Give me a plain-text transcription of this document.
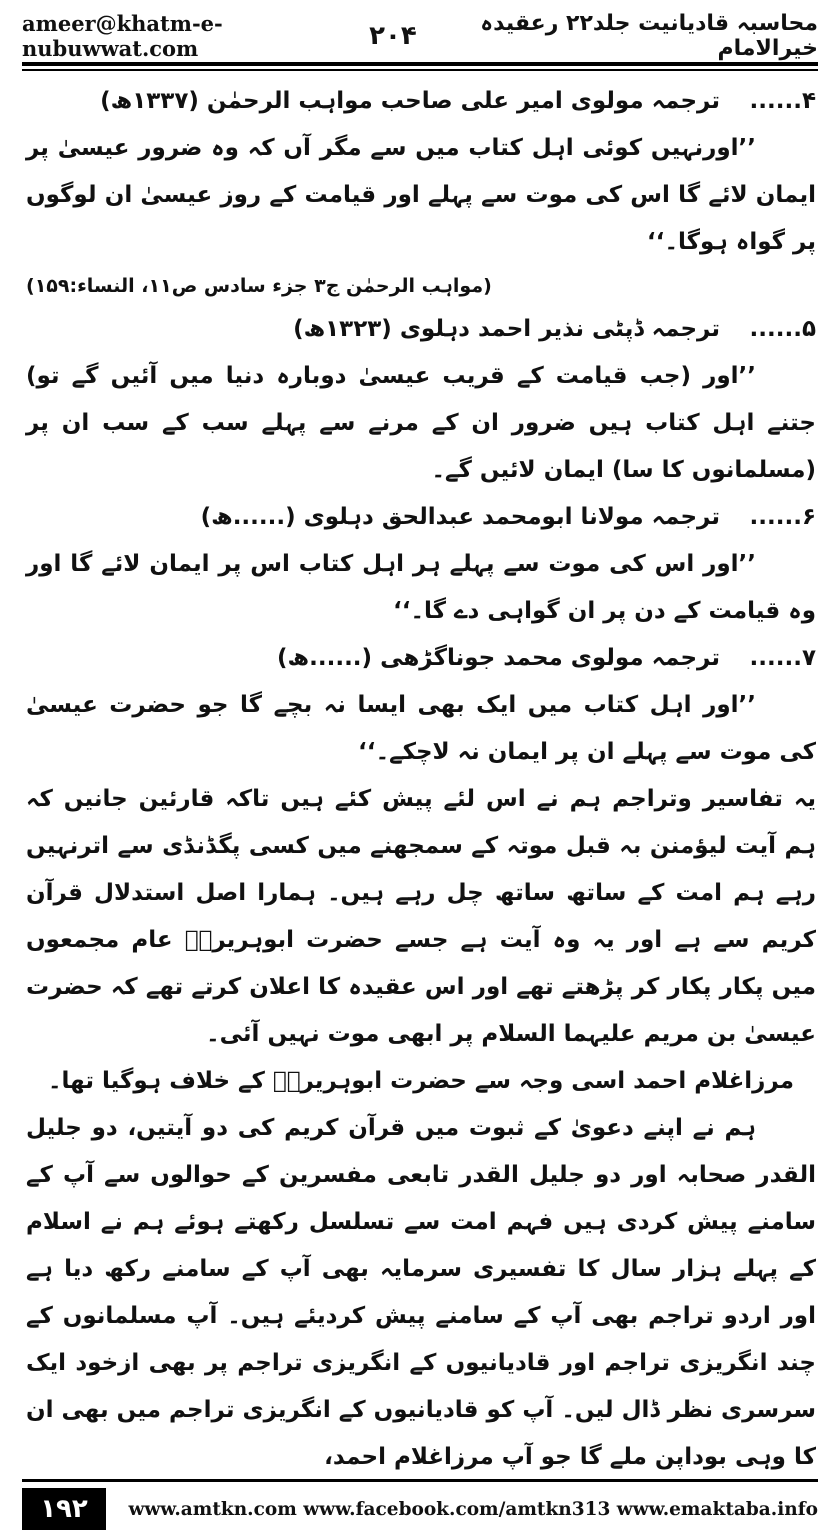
ameer@khatm-e-nubuwwat.com	۲۰۴	محاسبہ قادیانیت جلد۲۲ رعقیدہ خیرالامام

۴......ترجمہ مولوی امیر علی صاحب مواہب الرحمٰن (۱۳۳۷ھ)

’’اورنہیں کوئی اہل کتاب میں سے مگر آں کہ وہ ضرور عیسیٰ پر ایمان لائے گا اس کی موت سے پہلے اور قیامت کے روز عیسیٰ ان لوگوں پر گواہ ہوگا۔‘‘

(مواہب الرحمٰن ج۳ جزء سادس ص۱۱، النساء:۱۵۹)

۵......ترجمہ ڈپٹی نذیر احمد دہلوی (۱۳۲۳ھ)

’’اور (جب قیامت کے قریب عیسیٰ دوبارہ دنیا میں آئیں گے تو) جتنے اہل کتاب ہیں ضرور ان کے مرنے سے پہلے سب کے سب ان پر (مسلمانوں کا سا) ایمان لائیں گے۔

۶......ترجمہ مولانا ابومحمد عبدالحق دہلوی (......ھ)

’’اور اس کی موت سے پہلے ہر اہل کتاب اس پر ایمان لائے گا اور وہ قیامت کے دن پر ان گواہی دے گا۔‘‘

۷......ترجمہ مولوی محمد جوناگڑھی (......ھ)

’’اور اہل کتاب میں ایک بھی ایسا نہ بچے گا جو حضرت عیسیٰ کی موت سے پہلے ان پر ایمان نہ لاچکے۔‘‘

یہ تفاسیر وتراجم ہم نے اس لئے پیش کئے ہیں تاکہ قارئین جانیں کہ ہم آیت لیؤمنن بہ قبل موتہ کے سمجھنے میں کسی پگڈنڈی سے اترنہیں رہے ہم امت کے ساتھ ساتھ چل رہے ہیں۔ ہمارا اصل استدلال قرآن کریم سے ہے اور یہ وہ آیت ہے جسے حضرت ابوہریرہؓ عام مجمعوں میں پکار پکار کر پڑھتے تھے اور اس عقیدہ کا اعلان کرتے تھے کہ حضرت عیسیٰ بن مریم علیہما السلام پر ابھی موت نہیں آئی۔

مرزاغلام احمد اسی وجہ سے حضرت ابوہریرہؓ کے خلاف ہوگیا تھا۔

ہم نے اپنے دعویٰ کے ثبوت میں قرآن کریم کی دو آیتیں، دو جلیل القدر صحابہ اور دو جلیل القدر تابعی مفسرین کے حوالوں سے آپ کے سامنے پیش کردی ہیں فہم امت سے تسلسل رکھتے ہوئے ہم نے اسلام کے پہلے ہزار سال کا تفسیری سرمایہ بھی آپ کے سامنے رکھ دیا ہے اور اردو تراجم بھی آپ کے سامنے پیش کردیئے ہیں۔ آپ مسلمانوں کے چند انگریزی تراجم اور قادیانیوں کے انگریزی تراجم پر بھی ازخود ایک سرسری نظر ڈال لیں۔ آپ کو قادیانیوں کے انگریزی تراجم میں بھی ان کا وہی بوداپن ملے گا جو آپ مرزاغلام احمد،

۱۹۲	www.amtkn.com www.facebook.com/amtkn313 www.emaktaba.info
